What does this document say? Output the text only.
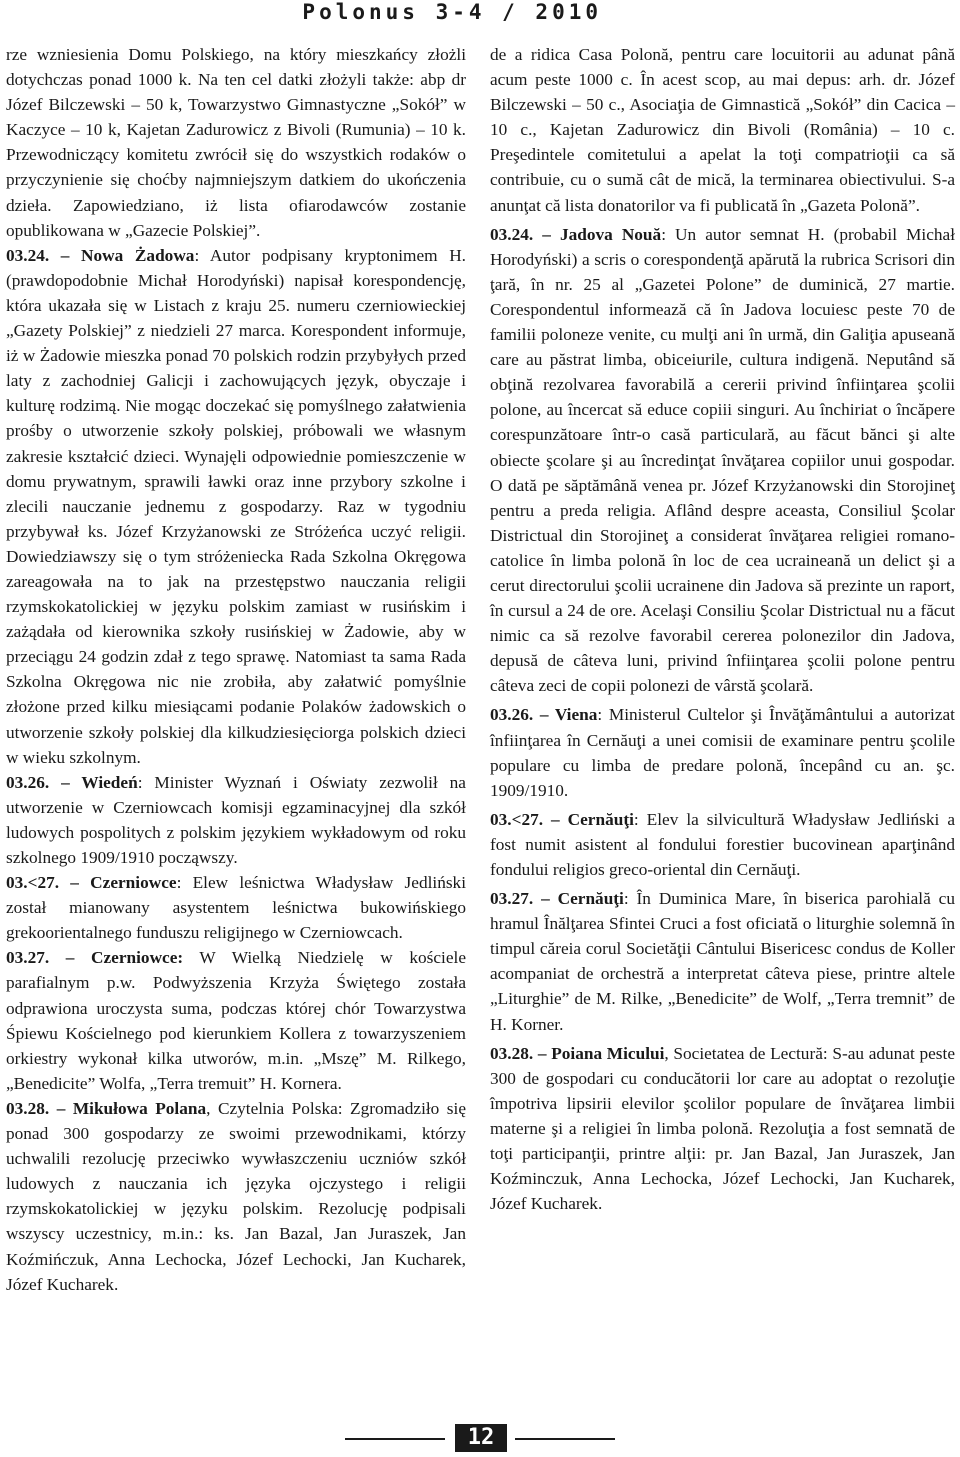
Polonus 3-4 / 2010

rze wzniesienia Domu Polskiego, na który mieszkańcy złożli dotychczas ponad 1000 k. Na ten cel datki złożyli także: abp dr Józef Bilczewski – 50 k, Towarzystwo Gimnastyczne „Sokół” w Kaczyce – 10 k, Kajetan Zadurowicz z Bivoli (Rumunia) – 10 k. Przewodniczący komitetu zwrócił się do wszystkich rodaków o przyczynienie się choćby najmniejszym datkiem do ukończenia dzieła. Zapowiedziano, iż lista ofiarodawców zostanie opublikowana w „Gazecie Polskiej”.

03.24. – Nowa Żadowa: Autor podpisany kryptonimem H. (prawdopodobnie Michał Horodyński) napisał korespondencję, która ukazała się w Listach z kraju 25. numeru czerniowieckiej „Gazety Polskiej” z niedzieli 27 marca. Korespondent informuje, iż w Żadowie mieszka ponad 70 polskich rodzin przybyłych przed laty z zachodniej Galicji i zachowujących język, obyczaje i kulturę rodzimą. Nie mogąc doczekać się pomyślnego załatwienia prośby o utworzenie szkoły polskiej, próbowali we własnym zakresie kształcić dzieci. Wynajęli odpowiednie pomieszczenie w domu prywatnym, sprawili ławki oraz inne przybory szkolne i zlecili nauczanie jednemu z gospodarzy. Raz w tygodniu przybywał ks. Józef Krzyżanowski ze Stróżeńca uczyć religii. Dowiedziawszy się o tym stróżeniecka Rada Szkolna Okręgowa zareagowała na to jak na przestępstwo nauczania religii rzymskokatolickiej w języku polskim zamiast w rusińskim i zażądała od kierownika szkoły rusińskiej w Żadowie, aby w przeciągu 24 godzin zdał z tego sprawę. Natomiast ta sama Rada Szkolna Okręgowa nic nie zrobiła, aby załatwić pomyślnie złożone przed kilku miesiącami podanie Polaków żadowskich o utworzenie szkoły polskiej dla kilkudziesięciorga polskich dzieci w wieku szkolnym.

03.26. – Wiedeń: Minister Wyznań i Oświaty zezwolił na utworzenie w Czerniowcach komisji egzaminacyjnej dla szkół ludowych pospolitych z polskim językiem wykładowym od roku szkolnego 1909/1910 począwszy.

03.<27. – Czerniowce: Elew leśnictwa Władysław Jedliński został mianowany asystentem leśnictwa bukowińskiego grekoorientalnego funduszu religijnego w Czerniowcach.

03.27. – Czerniowce: W Wielką Niedzielę w kościele parafialnym p.w. Podwyższenia Krzyża Świętego została odprawiona uroczysta suma, podczas której chór Towarzystwa Śpiewu Kościelnego pod kierunkiem Kollera z towarzyszeniem orkiestry wykonał kilka utworów, m.in. „Mszę” M. Rilkego, „Benedicite” Wolfa, „Terra tremuit” H. Kornera.

03.28. – Mikułowa Polana, Czytelnia Polska: Zgromadziło się ponad 300 gospodarzy ze swoimi przewodnikami, którzy uchwalili rezolucję przeciwko wywłaszczeniu uczniów szkół ludowych z nauczania ich języka ojczystego i religii rzymskokatolickiej w języku polskim. Rezolucję podpisali wszyscy uczestnicy, m.in.: ks. Jan Bazal, Jan Juraszek, Jan Koźmińczuk, Anna Lechocka, Józef Lechocki, Jan Kucharek, Józef Kucharek.

de a ridica Casa Polonă, pentru care locuitorii au adunat până acum peste 1000 c. În acest scop, au mai depus: arh. dr. Józef Bilczewski – 50 c., Asociaţia de Gimnastică „Sokół” din Cacica – 10 c., Kajetan Zadurowicz din Bivoli (România) – 10 c. Preşedintele comitetului a apelat la toţi compatrioţii ca să contribuie, cu o sumă cât de mică, la terminarea obiectivului. S-a anunţat că lista donatorilor va fi publicată în „Gazeta Polonă”.

03.24. – Jadova Nouă: Un autor semnat H. (probabil Michał Horodyński) a scris o corespondenţă apărută la rubrica Scrisori din ţară, în nr. 25 al „Gazetei Polone” de duminică, 27 martie. Corespondentul informează că în Jadova locuiesc peste 70 de familii poloneze venite, cu mulţi ani în urmă, din Galiţia apuseană care au păstrat limba, obiceiurile, cultura indigenă. Neputând să obţină rezolvarea favorabilă a cererii privind înfiinţarea şcolii polone, au încercat să educe copiii singuri. Au închiriat o încăpere corespunzătoare într-o casă particulară, au făcut bănci şi alte obiecte şcolare şi au încredinţat învăţarea copiilor unui gospodar. O dată pe săptămână venea pr. Józef Krzyżanowski din Storojineţ pentru a preda religia. Aflând despre aceasta, Consiliul Şcolar Districtual din Storojineţ a considerat învăţarea religiei romano-catolice în limba polonă în loc de cea ucraineană un delict şi a cerut directorului şcolii ucrainene din Jadova să prezinte un raport, în cursul a 24 de ore. Acelaşi Consiliu Şcolar Districtual nu a făcut nimic ca să rezolve favorabil cererea polonezilor din Jadova, depusă de câteva luni, privind înfiinţarea şcolii polone pentru câteva zeci de copii polonezi de vârstă şcolară.

03.26. – Viena: Ministerul Cultelor şi Învăţământului a autorizat înfiinţarea în Cernăuţi a unei comisii de examinare pentru şcolile populare cu limba de predare polonă, începând cu an. şc. 1909/1910.

03.<27. – Cernăuţi: Elev la silvicultură Władysław Jedliński a fost numit asistent al fondului forestier bucovinean aparţinând fondului religios greco-oriental din Cernăuţi.

03.27. – Cernăuţi: În Duminica Mare, în biserica parohială cu hramul Înălţarea Sfintei Cruci a fost oficiată o liturghie solemnă în timpul căreia corul Societăţii Cântului Bisericesc condus de Koller acompaniat de orchestră a interpretat câteva piese, printre altele „Liturghie” de M. Rilke, „Benedicite” de Wolf, „Terra tremnit” de H. Korner.

03.28. – Poiana Micului, Societatea de Lectură: S-au adunat peste 300 de gospodari cu conducătorii lor care au adoptat o rezoluţie împotriva lipsirii elevilor şcolilor populare de învăţarea limbii materne şi a religiei în limba polonă. Rezoluţia a fost semnată de toţi participanţii, printre alţii: pr. Jan Bazal, Jan Juraszek, Jan Koźminczuk, Anna Lechocka, Józef Lechocki, Jan Kucharek, Józef Kucharek.

12
